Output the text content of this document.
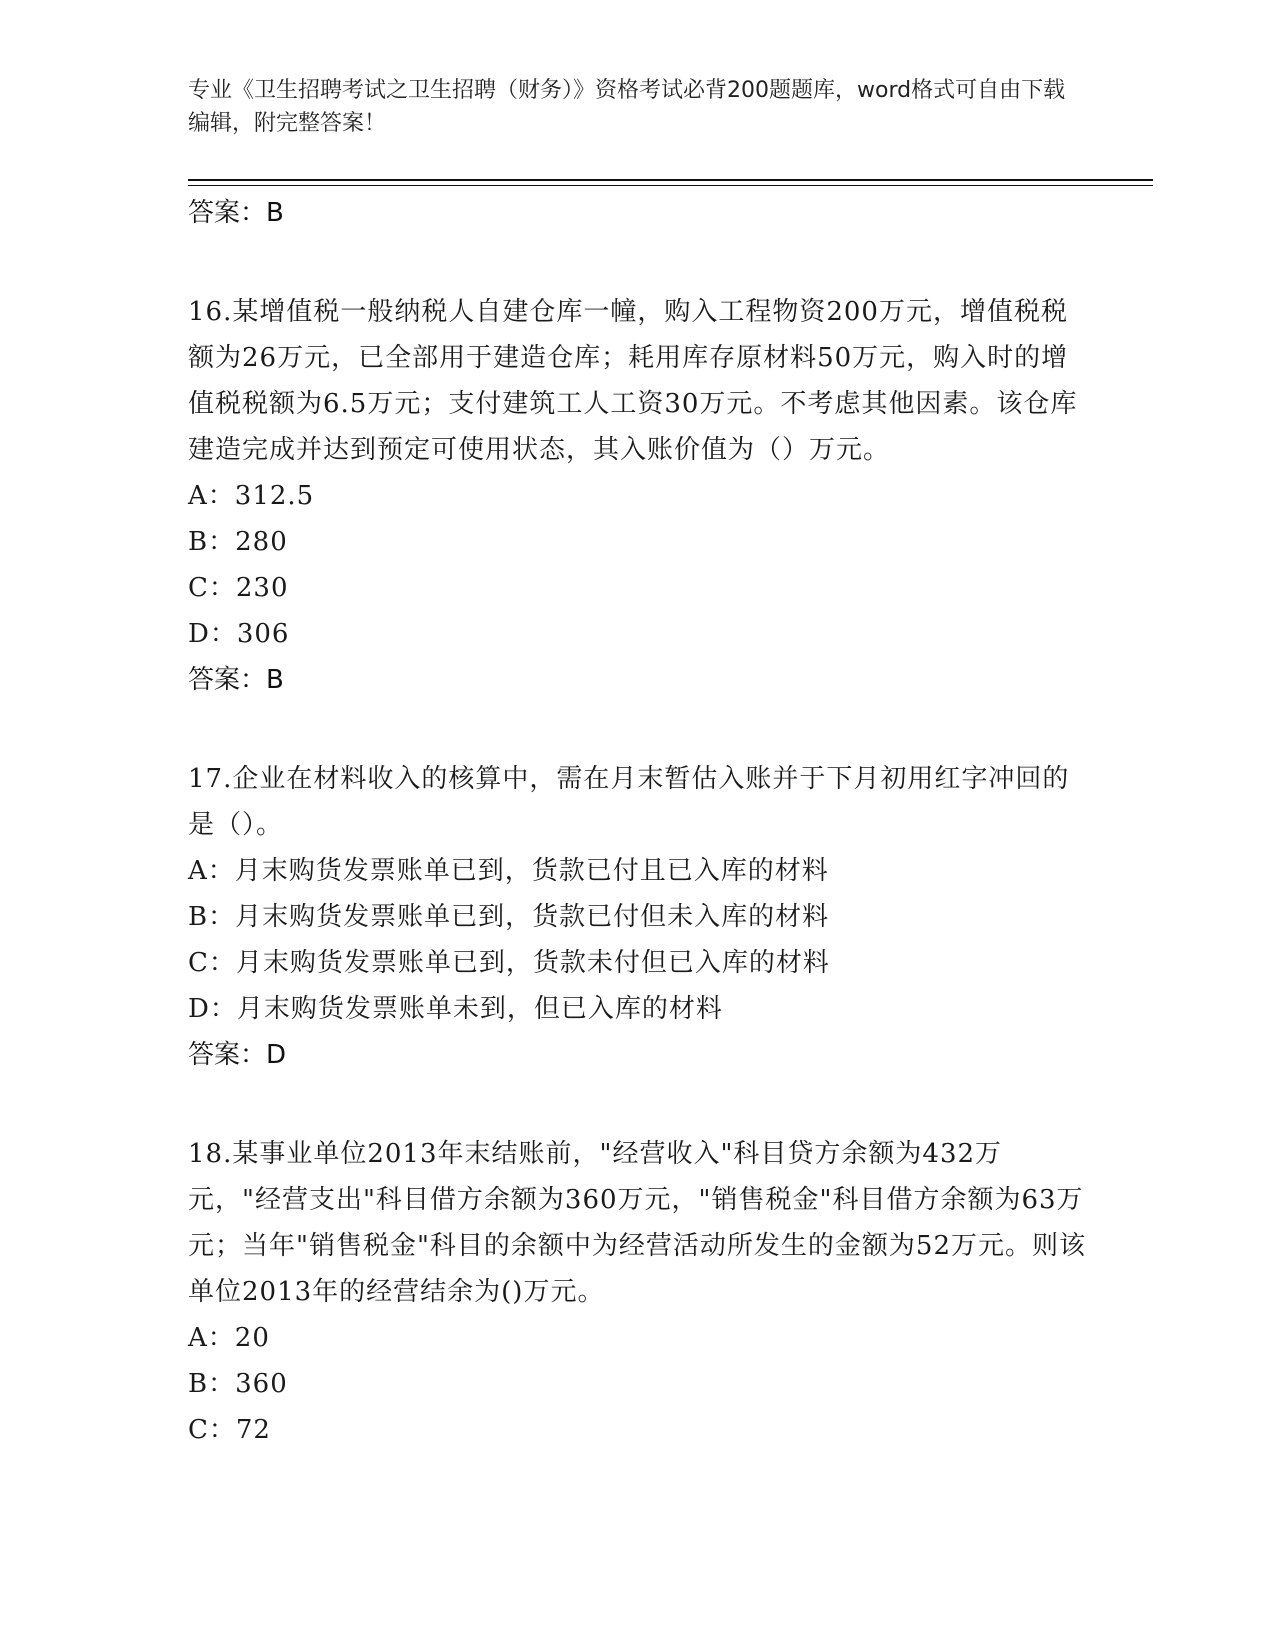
专业《卫生招聘考试之卫生招聘（财务）》资格考试必背200题题库，word格式可自由下载编辑，附完整答案！
答案：B

16.某增值税一般纳税人自建仓库一幢，购入工程物资200万元，增值税税额为26万元，已全部用于建造仓库；耗用库存原材料50万元，购入时的增值税税额为6.5万元；支付建筑工人工资30万元。不考虑其他因素。该仓库建造完成并达到预定可使用状态，其入账价值为（）万元。

A：312.5
B：280
C：230
D：306
答案：B

17.企业在材料收入的核算中，需在月末暂估入账并于下月初用红字冲回的是（）。

A：月末购货发票账单已到，货款已付且已入库的材料
B：月末购货发票账单已到，货款已付但未入库的材料
C：月末购货发票账单已到，货款未付但已入库的材料
D：月末购货发票账单未到，但已入库的材料
答案：D

18.某事业单位2013年末结账前，"经营收入"科目贷方余额为432万元，"经营支出"科目借方余额为360万元，"销售税金"科目借方余额为63万元；当年"销售税金"科目的余额中为经营活动所发生的金额为52万元。则该单位2013年的经营结余为()万元。

A：20
B：360
C：72
